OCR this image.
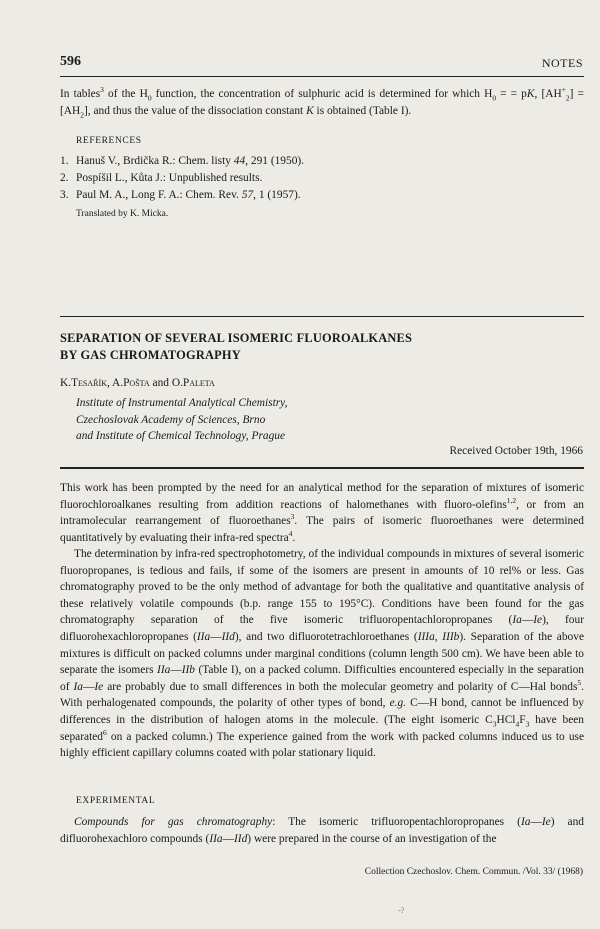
596	NOTES

In tables$^3$ of the $H_0$ function, the concentration of sulphuric acid is determined for which $H_0$ = = pK, $[AH^+_2] = [AH_2]$, and thus the value of the dissociation constant K is obtained (Table I).

REFERENCES
1. Hanuš V., Brdička R.: Chem. listy 44, 291 (1950).
2. Pospíšil L., Kůta J.: Unpublished results.
3. Paul M. A., Long F. A.: Chem. Rev. 57, 1 (1957).
Translated by K. Micka.
SEPARATION OF SEVERAL ISOMERIC FLUOROALKANES
BY GAS CHROMATOGRAPHY
K.Tesařík, A.Pošta and O.Paleta
Institute of Instrumental Analytical Chemistry,
Czechoslovak Academy of Sciences, Brno
and Institute of Chemical Technology, Prague
Received October 19th, 1966

This work has been prompted by the need for an analytical method for the separation of mixtures of isomeric fluorochloroalkanes resulting from addition reactions of halomethanes with fluoro-olefins$^{1,2}$, or from an intramolecular rearrangement of fluoroethanes$^3$. The pairs of isomeric fluoroethanes were determined quantitatively by evaluating their infra-red spectra$^4$.

The determination by infra-red spectrophotometry, of the individual compounds in mixtures of several isomeric fluoropropanes, is tedious and fails, if some of the isomers are present in amounts of 10 rel% or less. Gas chromatography proved to be the only method of advantage for both the qualitative and quantitative analysis of these relatively volatile compounds (b.p. range 155 to 195°C). Conditions have been found for the gas chromatography separation of the five isomeric trifluoropentachloropropanes (Ia—Ie), four difluorohexachloropropanes (IIa—IId), and two difluorotetrachloroethanes (IIIa, IIIb). Separation of the above mixtures is difficult on packed columns under marginal conditions (column length 500 cm). We have been able to separate the isomers IIa—IIb (Table I), on a packed column. Difficulties encountered especially in the separation of Ia—Ie are probably due to small differences in both the molecular geometry and polarity of C—Hal bonds$^5$. With perhalogenated compounds, the polarity of other types of bond, e.g. C—H bond, cannot be influenced by differences in the distribution of halogen atoms in the molecule. (The eight isomeric $C_3HCl_4F_3$ have been separated$^6$ on a packed column.) The experience gained from the work with packed columns induced us to use highly efficient capillary columns coated with polar stationary liquid.

EXPERIMENTAL

Compounds for gas chromatography: The isomeric trifluoropentachloropropanes (Ia—Ie) and difluorohexachloro compounds (IIa—IId) were prepared in the course of an investigation of the

Collection Czechoslov. Chem. Commun. /Vol. 33/ (1968)
-?
